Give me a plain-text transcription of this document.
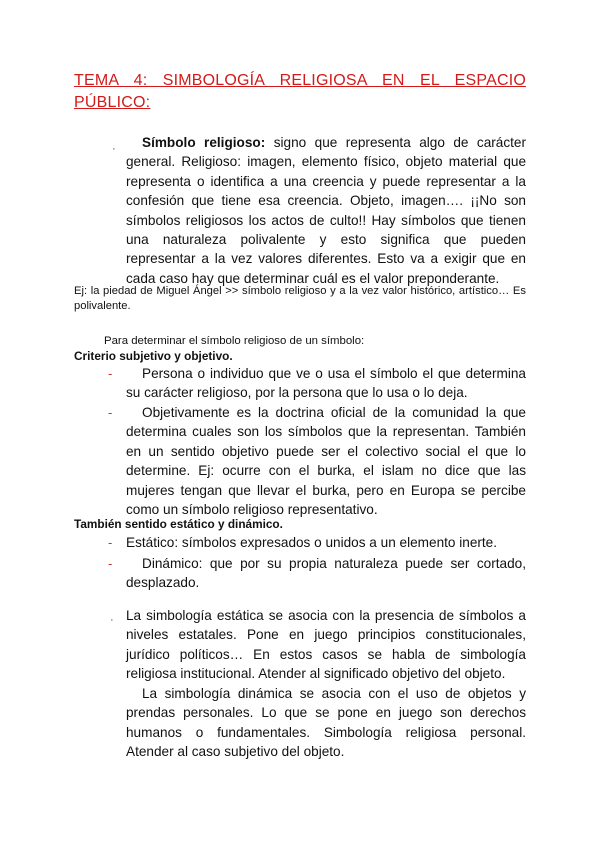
TEMA 4: SIMBOLOGÍA RELIGIOSA EN EL ESPACIO
PÚBLICO:
·	Símbolo religioso: signo que representa algo de carácter general. Religioso: imagen, elemento físico, objeto material que representa o identifica a una creencia y puede representar a la confesión que tiene esa creencia. Objeto, imagen…. ¡¡No son símbolos religiosos los actos de culto!! Hay símbolos que tienen una naturaleza polivalente y esto significa que pueden representar a la vez valores diferentes. Esto va a exigir que en cada caso hay que determinar cuál es el valor preponderante.
Ej: la piedad de Miguel Ángel >> símbolo religioso y a la vez valor histórico, artístico… Es polivalente.
Para determinar el símbolo religioso de un símbolo:
Criterio subjetivo y objetivo.
-	Persona o individuo que ve o usa el símbolo el que determina su carácter religioso, por la persona que lo usa o lo deja.
-	Objetivamente es la doctrina oficial de la comunidad la que determina cuales son los símbolos que la representan. También en un sentido objetivo puede ser el colectivo social el que lo determine. Ej: ocurre con el burka, el islam no dice que las mujeres tengan que llevar el burka, pero en Europa se percibe como un símbolo religioso representativo.
También sentido estático y dinámico.
- Estático: símbolos expresados o unidos a un elemento inerte.
-	Dinámico: que por su propia naturaleza puede ser cortado, desplazado.
· La simbología estática se asocia con la presencia de símbolos a niveles estatales. Pone en juego principios constitucionales, jurídico políticos… En estos casos se habla de simbología religiosa institucional. Atender al significado objetivo del objeto.
La simbología dinámica se asocia con el uso de objetos y prendas personales. Lo que se pone en juego son derechos humanos o fundamentales. Simbología religiosa personal. Atender al caso subjetivo del objeto.
